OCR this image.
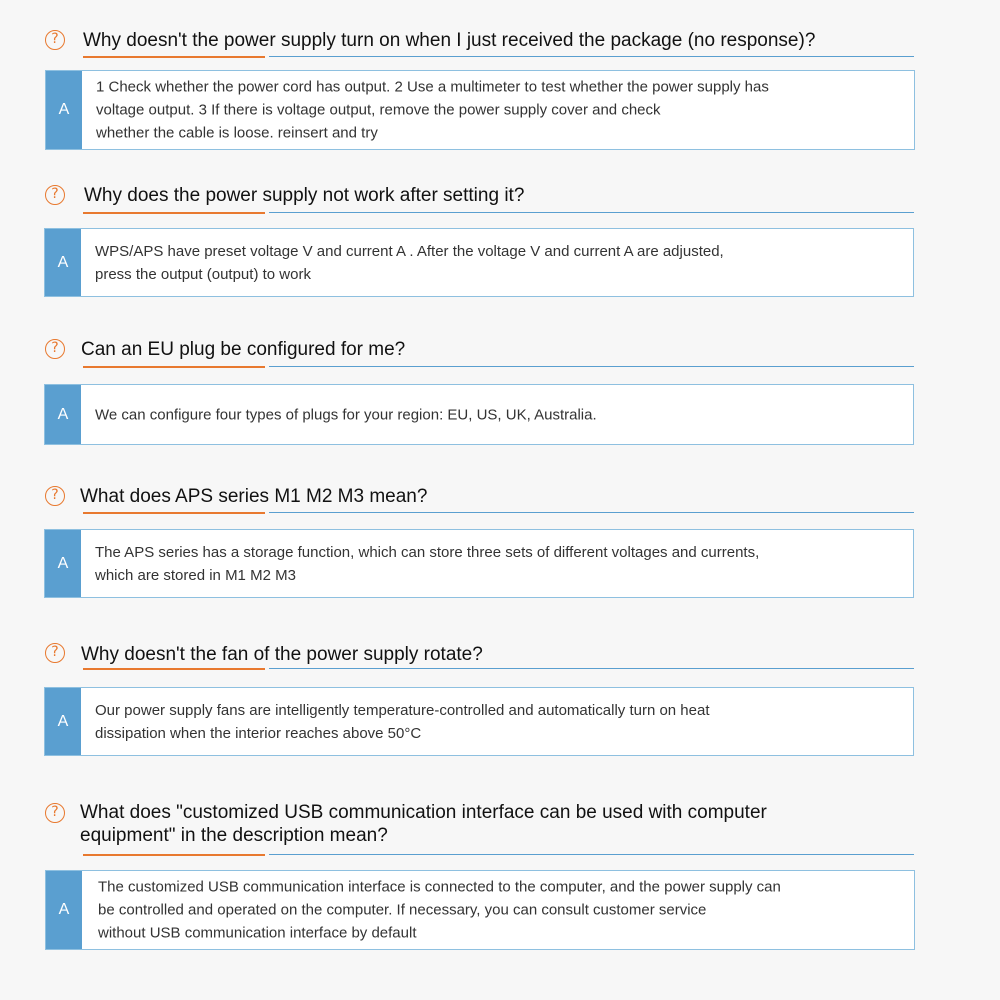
?	Why doesn't the power supply turn on when I just received the package (no response)?
A
1 Check whether the power cord has output. 2 Use a multimeter to test whether the power supply has
voltage output. 3 If there is voltage output, remove the power supply cover and check
whether the cable is loose. reinsert and try
?	Why does the power supply not work after setting it?
A
WPS/APS have preset voltage V and current A . After the voltage V and current A are adjusted,
press the output (output) to work
?	Can an EU plug be configured for me?
A	We can configure four types of plugs for your region: EU, US, UK, Australia.
?	What does APS series M1 M2 M3 mean?
A
The APS series has a storage function, which can store three sets of different voltages and currents,
which are stored in M1 M2 M3
?	Why doesn't the fan of the power supply rotate?
A
Our power supply fans are intelligently temperature-controlled and automatically turn on heat
dissipation when the interior reaches above 50°C
?	What does "customized USB communication interface can be used with computer
equipment" in the description mean?
A
The customized USB communication interface is connected to the computer, and the power supply can
be controlled and operated on the computer. If necessary, you can consult customer service
without USB communication interface by default
